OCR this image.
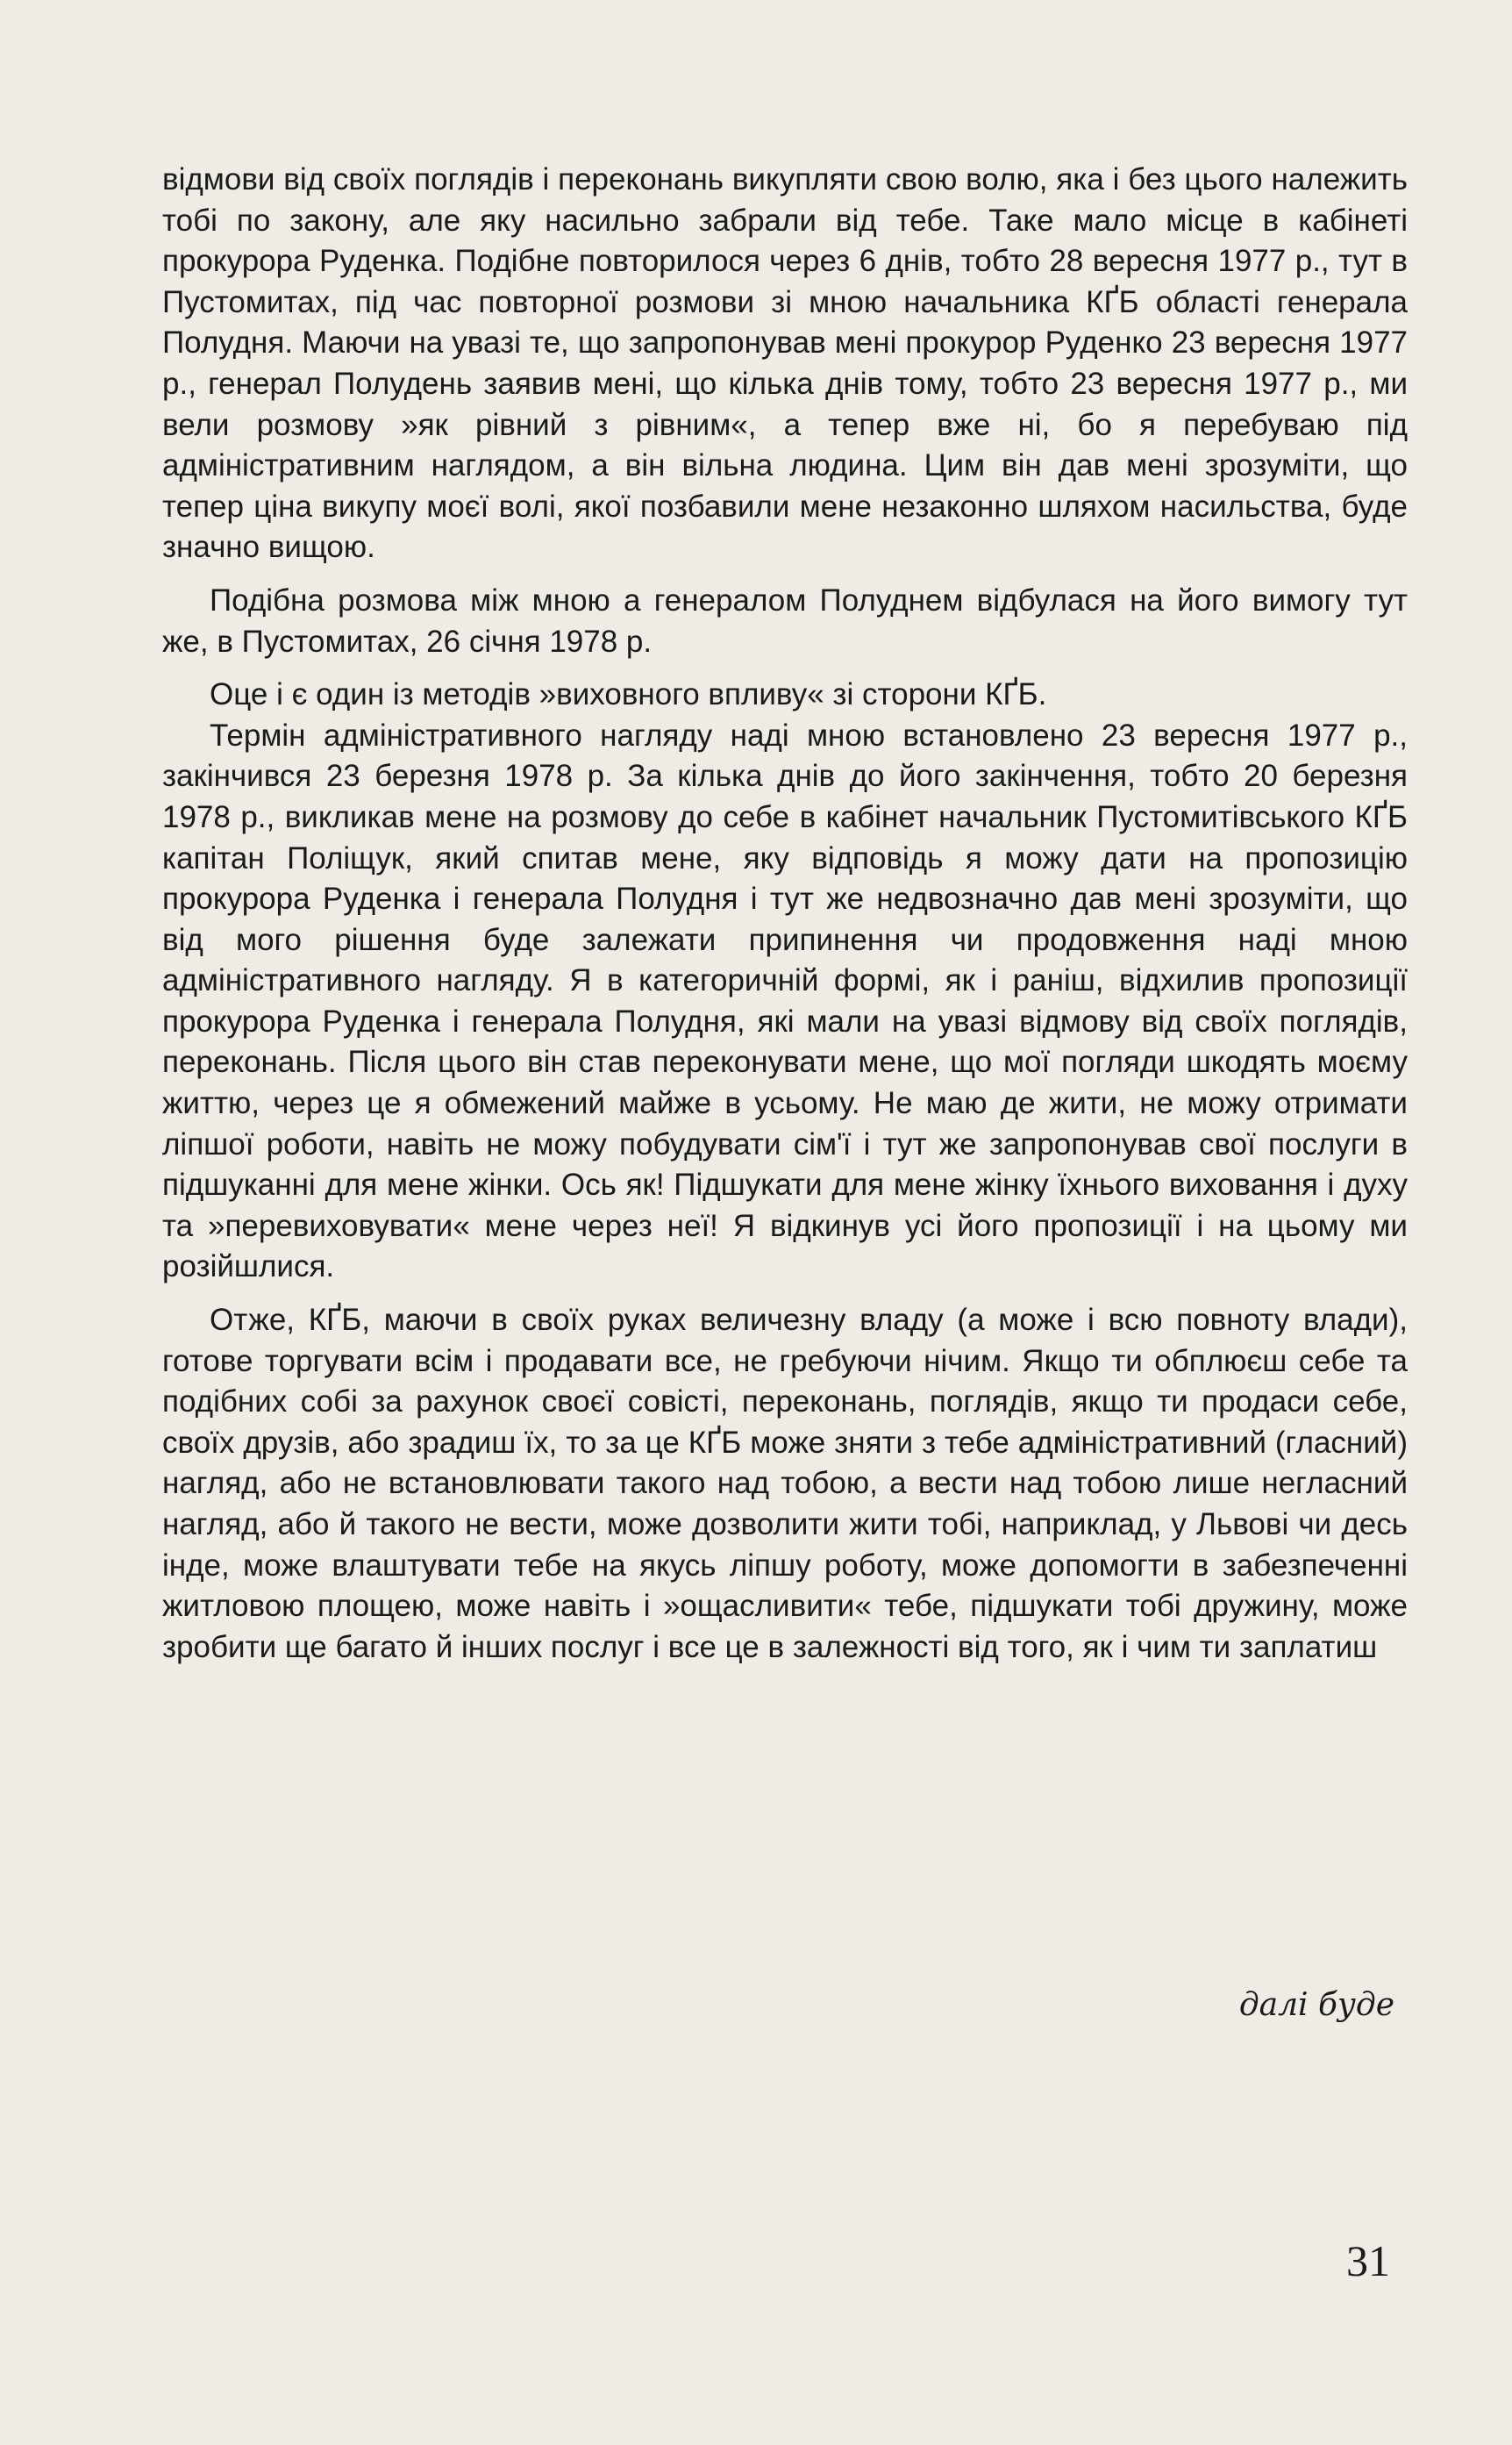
відмови від своїх поглядів і переконань викупляти свою волю, яка і без цього належить тобі по закону, але яку насильно забрали від тебе. Таке мало місце в кабінеті прокурора Руденка. Подібне повторилося через 6 днів, тобто 28 вересня 1977 р., тут в Пустомитах, під час повторної розмови зі мною начальника КҐБ області генерала Полудня. Маючи на увазі те, що запропонував мені прокурор Руденко 23 вересня 1977 р., генерал Полудень заявив мені, що кілька днів тому, тобто 23 вересня 1977 р., ми вели розмову »як рівний з рівним«, а тепер вже ні, бо я перебуваю під адміністративним наглядом, а він вільна людина. Цим він дав мені зрозуміти, що тепер ціна викупу моєї волі, якої позбавили мене незаконно шляхом насильства, буде значно вищою.

Подібна розмова між мною а генералом Полуднем відбулася на його вимогу тут же, в Пустомитах, 26 січня 1978 р.

Оце і є один із методів »виховного впливу« зі сторони КҐБ.

Термін адміністративного нагляду наді мною встановлено 23 вересня 1977 р., закінчився 23 березня 1978 р. За кілька днів до його закінчення, тобто 20 березня 1978 р., викликав мене на розмову до себе в кабінет начальник Пустомитівського КҐБ капітан Поліщук, який спитав мене, яку відповідь я можу дати на пропозицію прокурора Руденка і генерала Полудня і тут же недвозначно дав мені зрозуміти, що від мого рішення буде залежати припинення чи продовження наді мною адміністративного нагляду. Я в категоричній формі, як і раніш, відхилив пропозиції прокурора Руденка і генерала Полудня, які мали на увазі відмову від своїх поглядів, переконань. Після цього він став переконувати мене, що мої погляди шкодять моєму життю, через це я обмежений майже в усьому. Не маю де жити, не можу отримати ліпшої роботи, навіть не можу побудувати сім'ї і тут же запропонував свої послуги в підшуканні для мене жінки. Ось як! Підшукати для мене жінку їхнього виховання і духу та »перевиховувати« мене через неї! Я відкинув усі його пропозиції і на цьому ми розійшлися.

Отже, КҐБ, маючи в своїх руках величезну владу (а може і всю повноту влади), готове торгувати всім і продавати все, не гребуючи нічим. Якщо ти обплюєш себе та подібних собі за рахунок своєї совісті, переконань, поглядів, якщо ти продаси себе, своїх друзів, або зрадиш їх, то за це КҐБ може зняти з тебе адміністративний (гласний) нагляд, або не встановлювати такого над тобою, а вести над тобою лише негласний нагляд, або й такого не вести, може дозволити жити тобі, наприклад, у Львові чи десь інде, може влаштувати тебе на якусь ліпшу роботу, може допомогти в забезпеченні житловою площею, може навіть і »ощасливити« тебе, підшукати тобі дружину, може зробити ще багато й інших послуг і все це в залежності від того, як і чим ти заплатиш

далі буде
31
